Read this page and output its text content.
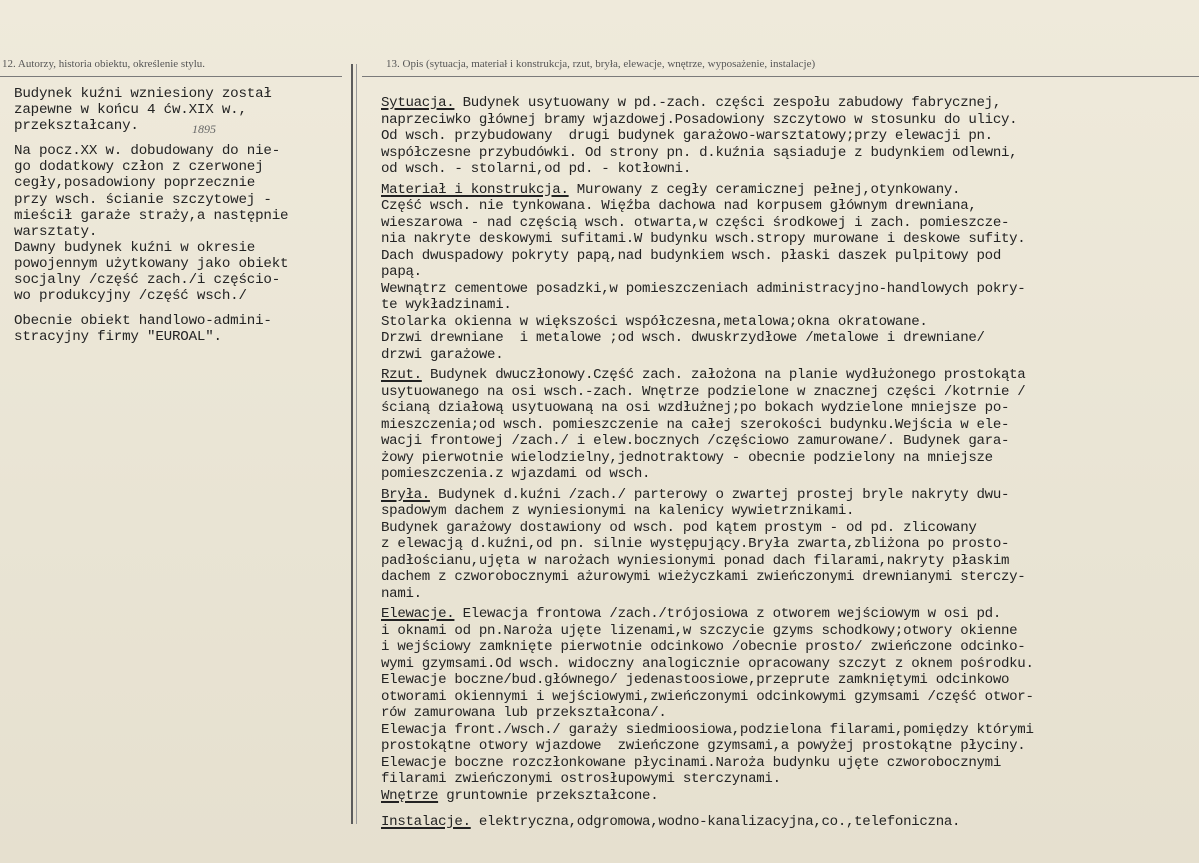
12. Autorzy, historia obiektu, określenie stylu.	13. Opis (sytuacja, materiał i konstrukcja, rzut, bryła, elewacje, wnętrze, wyposażenie, instalacje)
1895
Budynek kuźni wzniesiony został
zapewne w końcu 4 ćw.XIX w.,
przekształcany.
Na pocz.XX w. dobudowany do nie-
go dodatkowy człon z czerwonej
cegły,posadowiony poprzecznie
przy wsch. ścianie szczytowej -
mieścił garaże straży,a następnie
warsztaty.
Dawny budynek kuźni w okresie
powojennym użytkowany jako obiekt
socjalny /część zach./i częścio-
wo produkcyjny /część wsch./
Obecnie obiekt handlowo-admini-
stracyjny firmy "EUROAL".
Sytuacja. Budynek usytuowany w pd.-zach. części zespołu zabudowy fabrycznej,
naprzeciwko głównej bramy wjazdowej.Posadowiony szczytowo w stosunku do ulicy.
Od wsch. przybudowany  drugi budynek garażowo-warsztatowy;przy elewacji pn.
współczesne przybudówki. Od strony pn. d.kuźnia sąsiaduje z budynkiem odlewni,
od wsch. - stolarni,od pd. - kotłowni.
Materiał i konstrukcja. Murowany z cegły ceramicznej pełnej,otynkowany.
Część wsch. nie tynkowana. Więźba dachowa nad korpusem głównym drewniana,
wieszarowa - nad częścią wsch. otwarta,w części środkowej i zach. pomieszcze-
nia nakryte deskowymi sufitami.W budynku wsch.stropy murowane i deskowe sufity.
Dach dwuspadowy pokryty papą,nad budynkiem wsch. płaski daszek pulpitowy pod
papą.
Wewnątrz cementowe posadzki,w pomieszczeniach administracyjno-handlowych pokry-
te wykładzinami.
Stolarka okienna w większości współczesna,metalowa;okna okratowane.
Drzwi drewniane  i metalowe ;od wsch. dwuskrzydłowe /metalowe i drewniane/
drzwi garażowe.
Rzut. Budynek dwuczłonowy.Część zach. założona na planie wydłużonego prostokąta
usytuowanego na osi wsch.-zach. Wnętrze podzielone w znacznej części /kotrnie /
ścianą działową usytuowaną na osi wzdłużnej;po bokach wydzielone mniejsze po-
mieszczenia;od wsch. pomieszczenie na całej szerokości budynku.Wejścia w ele-
wacji frontowej /zach./ i elew.bocznych /częściowo zamurowane/. Budynek gara-
żowy pierwotnie wielodzielny,jednotraktowy - obecnie podzielony na mniejsze
pomieszczenia.z wjazdami od wsch.
Bryła. Budynek d.kuźni /zach./ parterowy o zwartej prostej bryle nakryty dwu-
spadowym dachem z wyniesionymi na kalenicy wywietrznikami.
Budynek garażowy dostawiony od wsch. pod kątem prostym - od pd. zlicowany
z elewacją d.kuźni,od pn. silnie występujący.Bryła zwarta,zbliżona po prosto-
padłościanu,ujęta w narożach wyniesionymi ponad dach filarami,nakryty płaskim
dachem z czworobocznymi ażurowymi wieżyczkami zwieńczonymi drewnianymi sterczy-
nami.
Elewacje. Elewacja frontowa /zach./trójosiowa z otworem wejściowym w osi pd.
i oknami od pn.Naroża ujęte lizenami,w szczycie gzyms schodkowy;otwory okienne
i wejściowy zamknięte pierwotnie odcinkowo /obecnie prosto/ zwieńczone odcinko-
wymi gzymsami.Od wsch. widoczny analogicznie opracowany szczyt z oknem pośrodku.
Elewacje boczne/bud.głównego/ jedenastoosiowe,przeprute zamkniętymi odcinkowo
otworami okiennymi i wejściowymi,zwieńczonymi odcinkowymi gzymsami /część otwor-
rów zamurowana lub przekształcona/.
Elewacja front./wsch./ garaży siedmioosiowa,podzielona filarami,pomiędzy którymi
prostokątne otwory wjazdowe  zwieńczone gzymsami,a powyżej prostokątne płyciny.
Elewacje boczne rozczłonkowane płycinami.Naroża budynku ujęte czworobocznymi
filarami zwieńczonymi ostrosłupowymi sterczynami.
Wnętrze gruntownie przekształcone.
Instalacje. elektryczna,odgromowa,wodno-kanalizacyjna,co.,telefoniczna.
